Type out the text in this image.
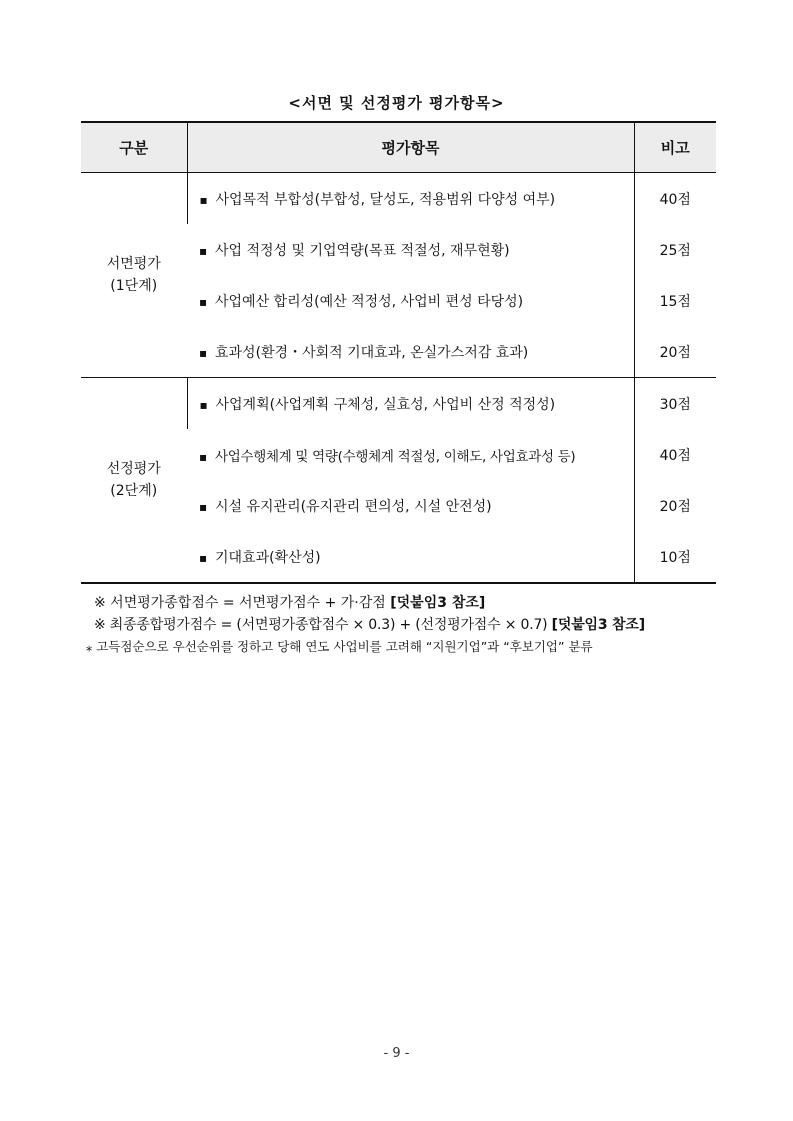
<서면 및 선정평가 평가항목>
구분	평가항목	비고

서면평가
(1단계)	▪ 사업목적 부합성(부합성, 달성도, 적용범위 다양성 여부)	40점
	▪ 사업 적정성 및 기업역량(목표 적절성, 재무현황)	25점
	▪ 사업예산 합리성(예산 적정성, 사업비 편성 타당성)	15점
	▪ 효과성(환경・사회적 기대효과, 온실가스저감 효과)	20점

선정평가
(2단계)	▪ 사업계획(사업계획 구체성, 실효성, 사업비 산정 적정성)	30점
	▪ 사업수행체계 및 역량(수행체계 적절성, 이해도, 사업효과성 등)	40점
	▪ 시설 유지관리(유지관리 편의성, 시설 안전성)	20점
	▪ 기대효과(확산성)	10점
※ 서면평가종합점수 = 서면평가점수 + 가·감점 [덧붙임3 참조]
※ 최종종합평가점수 = (서면평가종합점수 × 0.3) + (선정평가점수 × 0.7) [덧붙임3 참조]
⁎ 고득점순으로 우선순위를 정하고 당해 연도 사업비를 고려해 “지원기업”과 “후보기업” 분류
- 9 -
